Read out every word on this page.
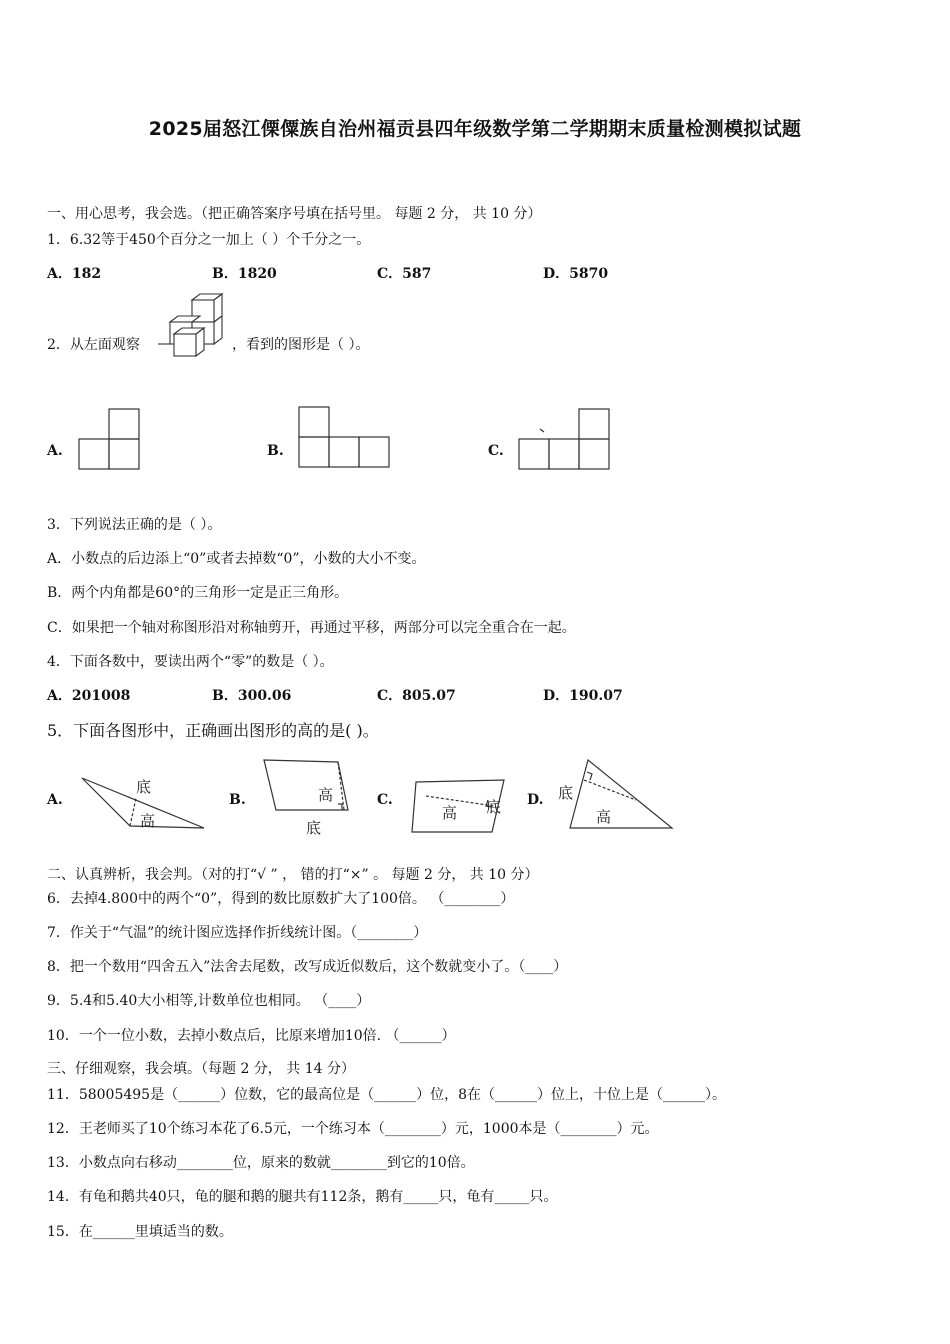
2025届怒江傈僳族自治州福贡县四年级数学第二学期期末质量检测模拟试题
一、用心思考，我会选。（把正确答案序号填在括号里。 每题 2 分， 共 10 分）
1．6.32等于450个百分之一加上（ ）个千分之一。
A．182	B．1820	C．587	D．5870
2．从左面观察	，看到的图形是（ ）。
A.	B.	C.
3．下列说法正确的是（ ）。
A．小数点的后边添上“0”或者去掉数“0”，小数的大小不变。
B．两个内角都是60°的三角形一定是正三角形。
C．如果把一个轴对称图形沿对称轴剪开，再通过平移，两部分可以完全重合在一起。
4．下面各数中，要读出两个“零”的数是（ ）。
A．201008	B．300.06	C．805.07	D．190.07
5．下面各图形中，正确画出图形的高的是( )。
A.
底
高
B.	高
底
C.
高 底 D. 底
高
二、认真辨析，我会判。（对的打“√ ” ， 错的打“×” 。 每题 2 分， 共 10 分）
6．去掉4.800中的两个“0”，得到的数比原数扩大了100倍。 （________）
7．作关于“气温”的统计图应选择作折线统计图。（________）
8．把一个数用“四舍五入”法舍去尾数，改写成近似数后，这个数就变小了。（____）
9．5.4和5.40大小相等,计数单位也相同。 （____）
10．一个一位小数，去掉小数点后，比原来增加10倍. （______）
三、仔细观察，我会填。（每题 2 分， 共 14 分）
11．58005495是（______）位数，它的最高位是（______）位，8在（______）位上，十位上是（______）。
12．王老师买了10个练习本花了6.5元，一个练习本（________）元，1000本是（________）元。
13．小数点向右移动________位，原来的数就________到它的10倍。
14．有龟和鹅共40只，龟的腿和鹅的腿共有112条，鹅有_____只，龟有_____只。
15．在______里填适当的数。
